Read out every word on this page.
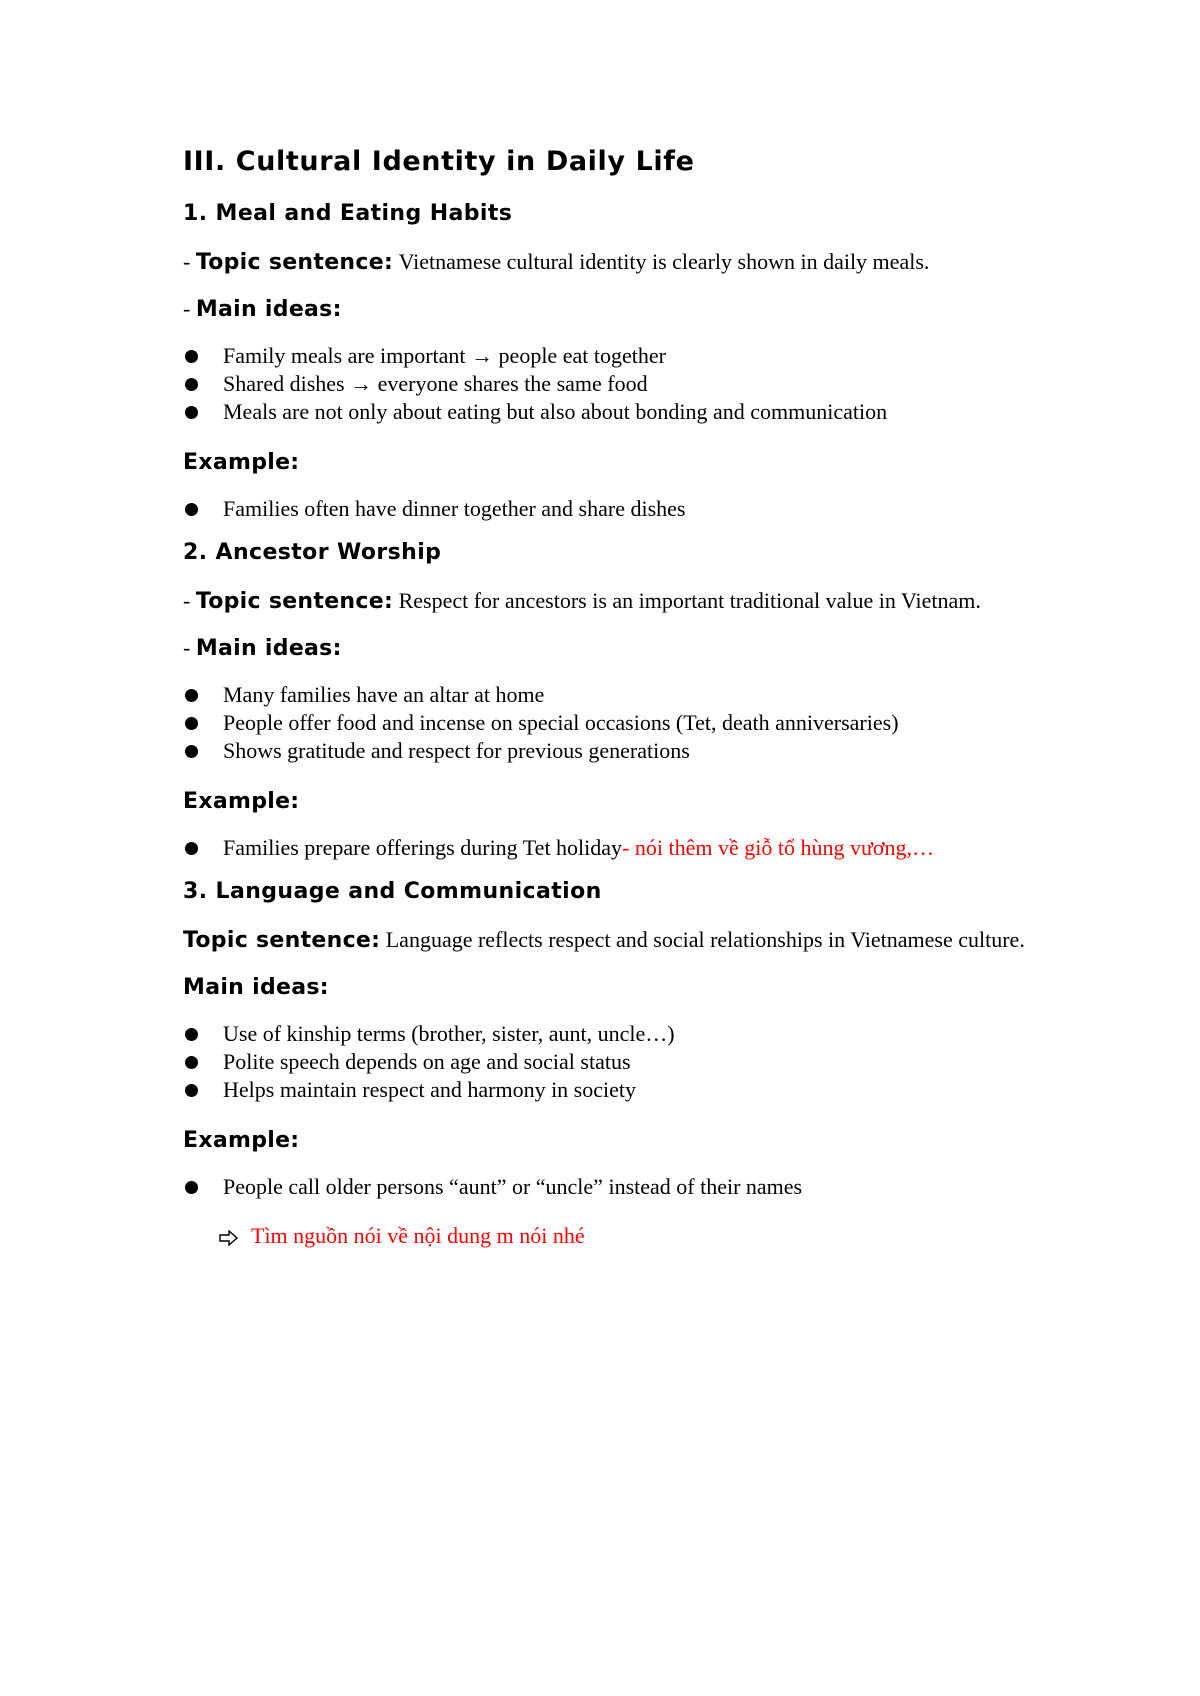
III. Cultural Identity in Daily Life
1. Meal and Eating Habits

- Topic sentence: Vietnamese cultural identity is clearly shown in daily meals.

- Main ideas:

Family meals are important → people eat together
Shared dishes → everyone shares the same food
Meals are not only about eating but also about bonding and communication

Example:

Families often have dinner together and share dishes
2. Ancestor Worship

- Topic sentence: Respect for ancestors is an important traditional value in Vietnam.

- Main ideas:

Many families have an altar at home
People offer food and incense on special occasions (Tet, death anniversaries)
Shows gratitude and respect for previous generations

Example:

Families prepare offerings during Tet holiday- nói thêm về giỗ tổ hùng vương,…
3. Language and Communication

Topic sentence: Language reflects respect and social relationships in Vietnamese culture.

Main ideas:

Use of kinship terms (brother, sister, aunt, uncle…)
Polite speech depends on age and social status
Helps maintain respect and harmony in society

Example:

People call older persons “aunt” or “uncle” instead of their names
Tìm nguồn nói về nội dung m nói nhé
